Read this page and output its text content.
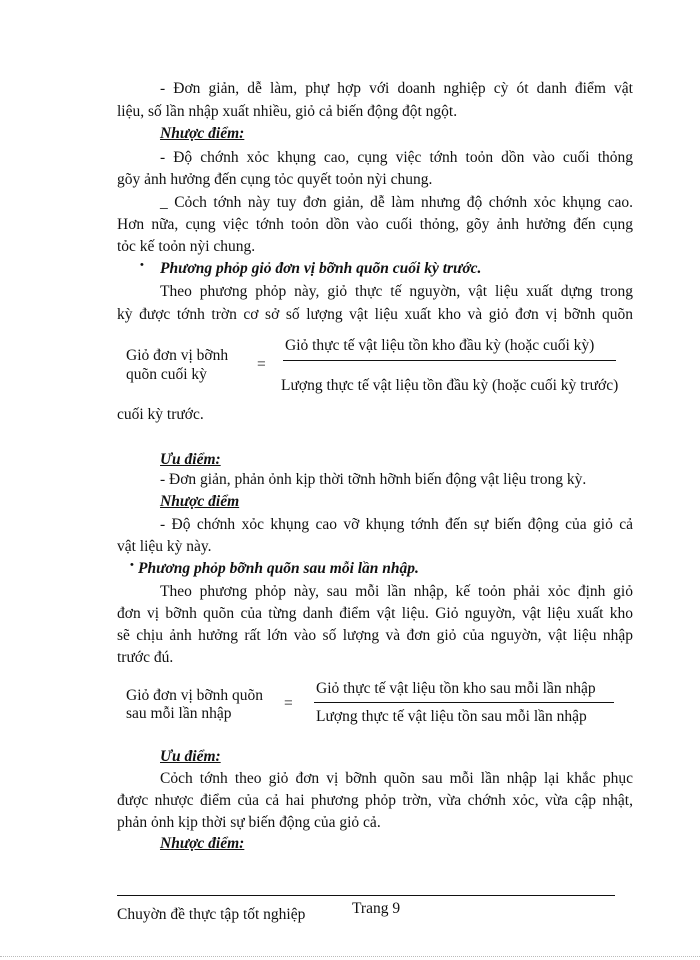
- Đơn giản, dễ làm, phự hợp với doanh nghiệp cỳ ót danh điểm vật
liệu, số lần nhập xuất nhiều, giỏ cả biến động đột ngột.
Nhược điểm:
- Độ chớnh xỏc khụng cao, cụng việc tớnh toỏn dồn vào cuối thỏng
gõy ảnh hưởng đến cụng tỏc quyết toỏn nỳi chung.
_ Cỏch tớnh này tuy đơn giản, dễ làm nhưng độ chớnh xỏc khụng cao.
Hơn nữa, cụng việc tớnh toỏn dồn vào cuối thỏng, gõy ảnh hưởng đến cụng
tỏc kế toỏn nỳi chung.
• Phương phỏp giỏ đơn vị bỡnh quõn cuối kỳ trước.
Theo phương phỏp này, giỏ thực tế nguyờn, vật liệu xuất dựng trong
kỳ được tớnh trờn cơ sở số lượng vật liệu xuất kho và giỏ đơn vị bỡnh quõn
Giỏ đơn vị bỡnh
quõn cuối kỳ
=
Giỏ thực tế vật liệu tồn kho đầu kỳ (hoặc cuối kỳ)
Lượng thực tế vật liệu tồn đầu kỳ (hoặc cuối kỳ trước)
cuối kỳ trước.
Ưu điểm:
- Đơn giản, phản ỏnh kịp thời tỡnh hỡnh biến động vật liệu trong kỳ.
Nhược điểm
- Độ chớnh xỏc khụng cao vỡ khụng tớnh đến sự biến động của giỏ cả
vật liệu kỳ này.
• Phương phỏp bỡnh quõn sau mỗi lần nhập.
Theo phương phỏp này, sau mỗi lần nhập, kế toỏn phải xỏc định giỏ
đơn vị bỡnh quõn của từng danh điểm vật liệu. Giỏ nguyờn, vật liệu xuất kho
sẽ chịu ảnh hưởng rất lớn vào số lượng và đơn giỏ của nguyờn, vật liệu nhập
trước đú.
Giỏ đơn vị bỡnh quõn
sau mỗi lần nhập
=
Giỏ thực tế vật liệu tồn kho sau mỗi lần nhập
Lượng thực tế vật liệu tồn sau mỗi lần nhập
Ưu điểm:
Cỏch tớnh theo giỏ đơn vị bỡnh quõn sau mỗi lần nhập lại khắc phục
được nhược điểm của cả hai phương phỏp trờn, vừa chớnh xỏc, vừa cập nhật,
phản ỏnh kịp thời sự biến động của giỏ cả.
Nhược điểm:
Chuyờn đề thực tập tốt nghiệp	Trang 9
